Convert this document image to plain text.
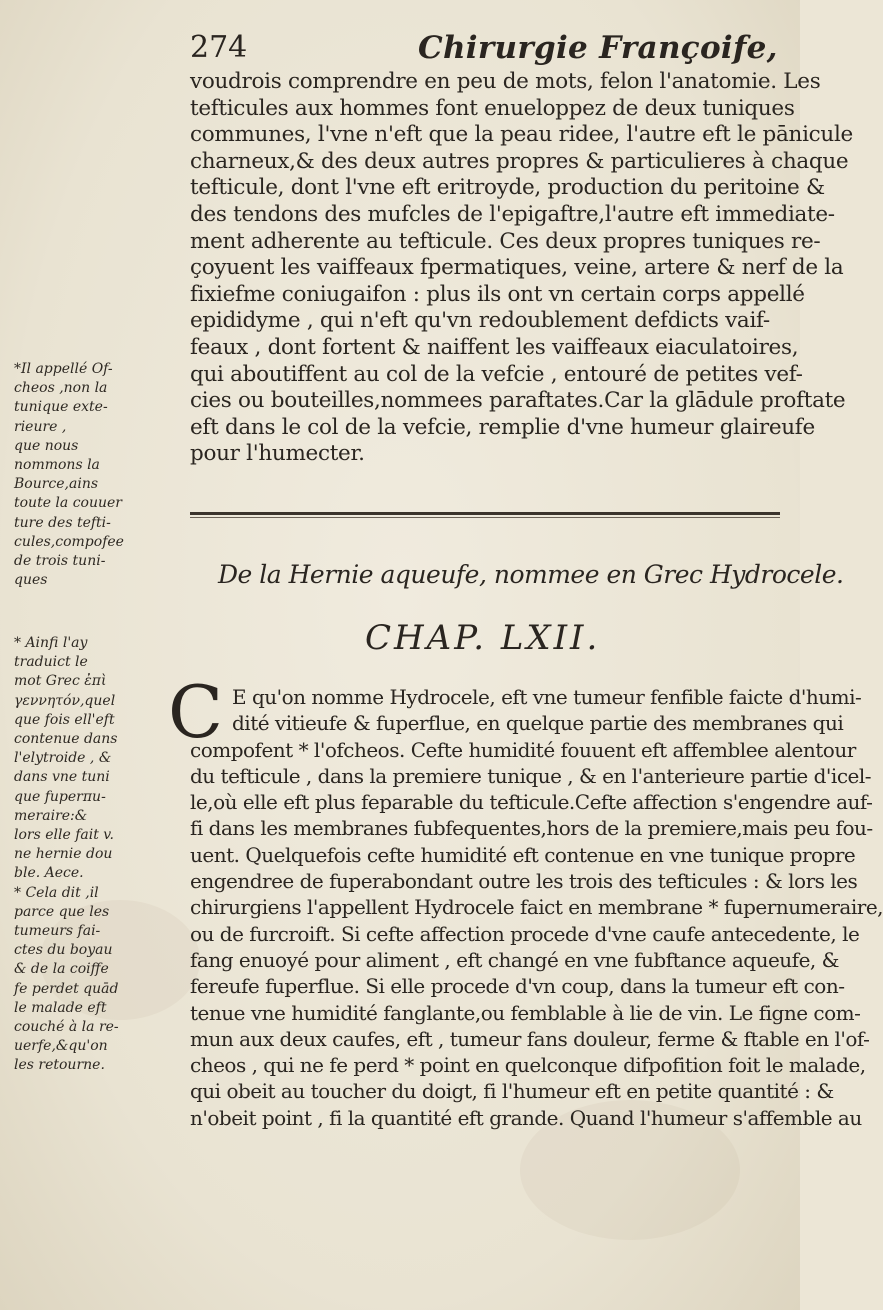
274	Chirurgie Françoife,
voudrois comprendre en peu de mots, felon l'anatomie. Les
tefticules aux hommes font enueloppez de deux tuniques
communes, l'vne n'eft que la peau ridee, l'autre eft le pānicule
charneux,& des deux autres propres & particulieres à chaque
tefticule, dont l'vne eft eritroyde, production du peritoine &
des tendons des mufcles de l'epigaftre,l'autre eft immediate-
ment adherente au tefticule. Ces deux propres tuniques re-
çoyuent les vaiffeaux fpermatiques, veine, artere & nerf de la
fixiefme coniugaifon : plus ils ont vn certain corps appellé
epididyme , qui n'eft qu'vn redoublement defdicts vaif-
feaux , dont fortent & naiffent les vaiffeaux eiaculatoires,
qui aboutiffent au col de la vefcie , entouré de petites vef-
cies ou bouteilles,nommees paraftates.Car la glādule proftate
eft dans le col de la vefcie, remplie d'vne humeur glaireufe
pour l'humecter.
*Il appellé Of-
cheos ,non la
tunique exte-
rieure ,
que nous
nommons la
Bource,ains
toute la couuer
ture des tefti-
cules,compofee
de trois tuni-
ques	De la Hernie aqueufe, nommee en Grec Hydrocele.
CHAP. LXII.
C E qu'on nomme Hydrocele, eft vne tumeur fenfible faicte d'humi-
dité vitieufe & fuperflue, en quelque partie des membranes qui
compofent * l'ofcheos. Cefte humidité fouuent eft affemblee alentour
du tefticule , dans la premiere tunique , & en l'anterieure partie d'icel-
le,où elle eft plus feparable du tefticule.Cefte affection s'engendre auf-
fi dans les membranes fubfequentes,hors de la premiere,mais peu fou-
uent. Quelquefois cefte humidité eft contenue en vne tunique propre
engendree de fuperabondant outre les trois des tefticules : & lors les
chirurgiens l'appellent Hydrocele faict en membrane * fupernumeraire,
ou de furcroift. Si cefte affection procede d'vne caufe antecedente, le
fang enuoyé pour aliment , eft changé en vne fubftance aqueufe, &
fereufe fuperflue. Si elle procede d'vn coup, dans la tumeur eft con-
tenue vne humidité fanglante,ou femblable à lie de vin. Le figne com-
mun aux deux caufes, eft , tumeur fans douleur, ferme & ftable en l'of-
cheos , qui ne fe perd * point en quelconque difpofition foit le malade,
qui obeit au toucher du doigt, fi l'humeur eft en petite quantité : &
n'obeit point , fi la quantité eft grande. Quand l'humeur s'affemble au
* Ainfi l'ay
traduict le
mot Grec ἐπὶ
γεννητόν,quel
que fois ell'eft
contenue dans
l'elytroide , &
dans vne tuni
que fuperπu-
meraire:&
lors elle fait v.
ne hernie dou
ble. Aece.
* Cela dit ,il
parce que les
tumeurs fai-
ctes du boyau
& de la coiffe
fe perdet quād
le malade eft
couché à la re-
uerfe,&qu'on
les retourne.
